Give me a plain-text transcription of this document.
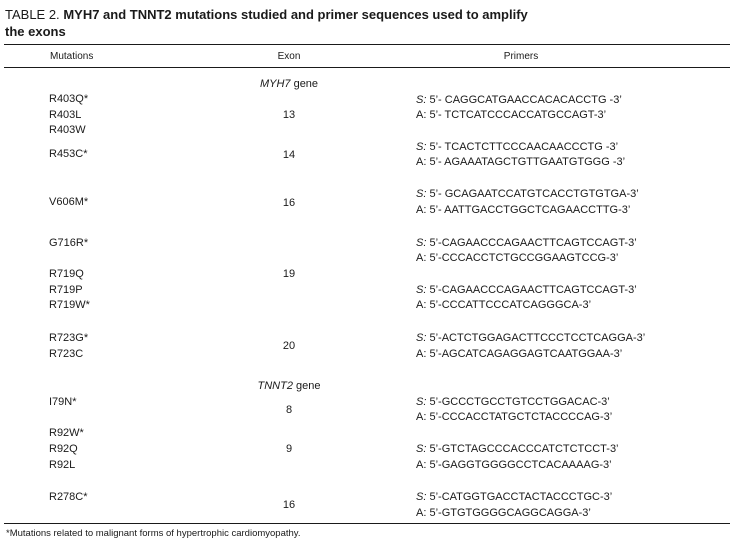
TABLE 2. MYH7 and TNNT2 mutations studied and primer sequences used to amplify
the exons
Mutations	Exon	Primers
MYH7 gene
R403Q*
R403L
R403W
R453C*
V606M*
G716R*
R719Q
R719P
R719W*
R723G*
R723C
13
14
16
19
20
S: 5’- CAGGCATGAACCACACACCTG -3’
A: 5’- TCTCATCCCACCATGCCAGT-3’
S: 5’- TCACTCTTCCCAACAACCCTG -3’
A: 5’- AGAAATAGCTGTTGAATGTGGG -3’
S: 5’- GCAGAATCCATGTCACCTGTGTGA-3’
A: 5’- AATTGACCTGGCTCAGAACCTTG-3’
S: 5’-CAGAACCCAGAACTTCAGTCCAGT-3’
A: 5’-CCCACCTCTGCCGGAAGTCCG-3’
S: 5’-CAGAACCCAGAACTTCAGTCCAGT-3’
A: 5’-CCCATTCCCATCAGGGCA-3’
S: 5’-ACTCTGGAGACTTCCCTCCTCAGGA-3’
A: 5’-AGCATCAGAGGAGTCAATGGAA-3’
TNNT2 gene
I79N*
R92W*
R92Q
R92L
R278C*
8
9
16
S: 5’-GCCCTGCCTGTCCTGGACAC-3’
A: 5’-CCCACCTATGCTCTACCCCAG-3’
S: 5’-GTCTAGCCCACCCATCTCTCCT-3’
A: 5’-GAGGTGGGGCCTCACAAAAG-3’
S: 5’-CATGGTGACCTACTACCCTGC-3’
A: 5’-GTGTGGGGCAGGCAGGA-3’
*Mutations related to malignant forms of hypertrophic cardiomyopathy.
